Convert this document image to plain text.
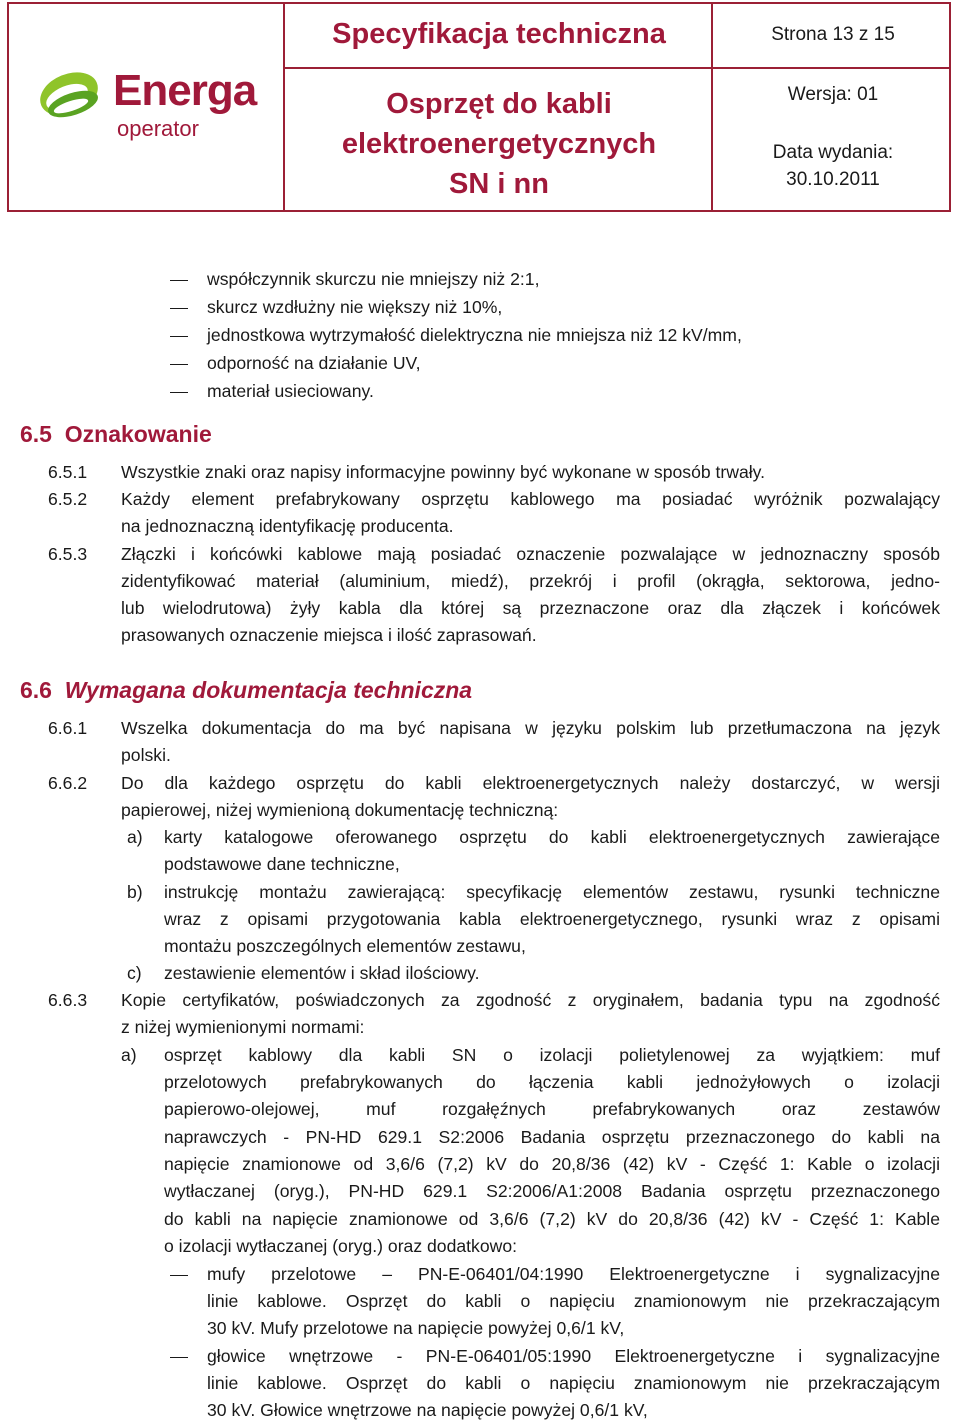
Energa
operator
Specyfikacja techniczna
Osprzęt do kabli
elektroenergetycznych
SN i nn
Strona 13 z 15
Wersja: 01
Data wydania:
30.10.2011
współczynnik skurczu nie mniejszy niż 2:1,
skurcz wzdłużny nie większy niż 10%,
jednostkowa wytrzymałość dielektryczna nie mniejsza niż 12 kV/mm,
odporność na działanie UV,
materiał usieciowany.
6.5 Oznakowanie
6.5.1 Wszystkie znaki oraz napisy informacyjne powinny być wykonane w sposób trwały.
6.5.2 Każdy element prefabrykowany osprzętu kablowego ma posiadać wyróżnik pozwalający
na jednoznaczną identyfikację producenta.
6.5.3 Złączki i końcówki kablowe mają posiadać oznaczenie pozwalające w jednoznaczny sposób
zidentyfikować materiał (aluminium, miedź), przekrój i profil (okrągła, sektorowa, jedno-
lub wielodrutowa) żyły kabla dla której są przeznaczone oraz dla złączek i końcówek
prasowanych oznaczenie miejsca i ilość zaprasowań.
6.6 Wymagana dokumentacja techniczna
6.6.1 Wszelka dokumentacja do ma być napisana w języku polskim lub przetłumaczona na język
polski.
6.6.2 Do dla każdego osprzętu do kabli elektroenergetycznych należy dostarczyć, w wersji
papierowej, niżej wymienioną dokumentację techniczną:
a) karty katalogowe oferowanego osprzętu do kabli elektroenergetycznych zawierające
podstawowe dane techniczne,
b) instrukcję montażu zawierającą: specyfikację elementów zestawu, rysunki techniczne
wraz z opisami przygotowania kabla elektroenergetycznego, rysunki wraz z opisami
montażu poszczególnych elementów zestawu,
c) zestawienie elementów i skład ilościowy.
6.6.3 Kopie certyfikatów, poświadczonych za zgodność z oryginałem, badania typu na zgodność
z niżej wymienionymi normami:
a) osprzęt kablowy dla kabli SN o izolacji polietylenowej za wyjątkiem: muf
przelotowych prefabrykowanych do łączenia kabli jednożyłowych o izolacji
papierowo-olejowej, muf rozgałęźnych prefabrykowanych oraz zestawów
naprawczych - PN-HD 629.1 S2:2006 Badania osprzętu przeznaczonego do kabli na
napięcie znamionowe od 3,6/6 (7,2) kV do 20,8/36 (42) kV - Część 1: Kable o izolacji
wytłaczanej (oryg.), PN-HD 629.1 S2:2006/A1:2008 Badania osprzętu przeznaczonego
do kabli na napięcie znamionowe od 3,6/6 (7,2) kV do 20,8/36 (42) kV - Część 1: Kable
o izolacji wytłaczanej (oryg.) oraz dodatkowo:
mufy przelotowe – PN-E-06401/04:1990 Elektroenergetyczne i sygnalizacyjne
linie kablowe. Osprzęt do kabli o napięciu znamionowym nie przekraczającym
30 kV. Mufy przelotowe na napięcie powyżej 0,6/1 kV,
głowice wnętrzowe - PN-E-06401/05:1990 Elektroenergetyczne i sygnalizacyjne
linie kablowe. Osprzęt do kabli o napięciu znamionowym nie przekraczającym
30 kV. Głowice wnętrzowe na napięcie powyżej 0,6/1 kV,
